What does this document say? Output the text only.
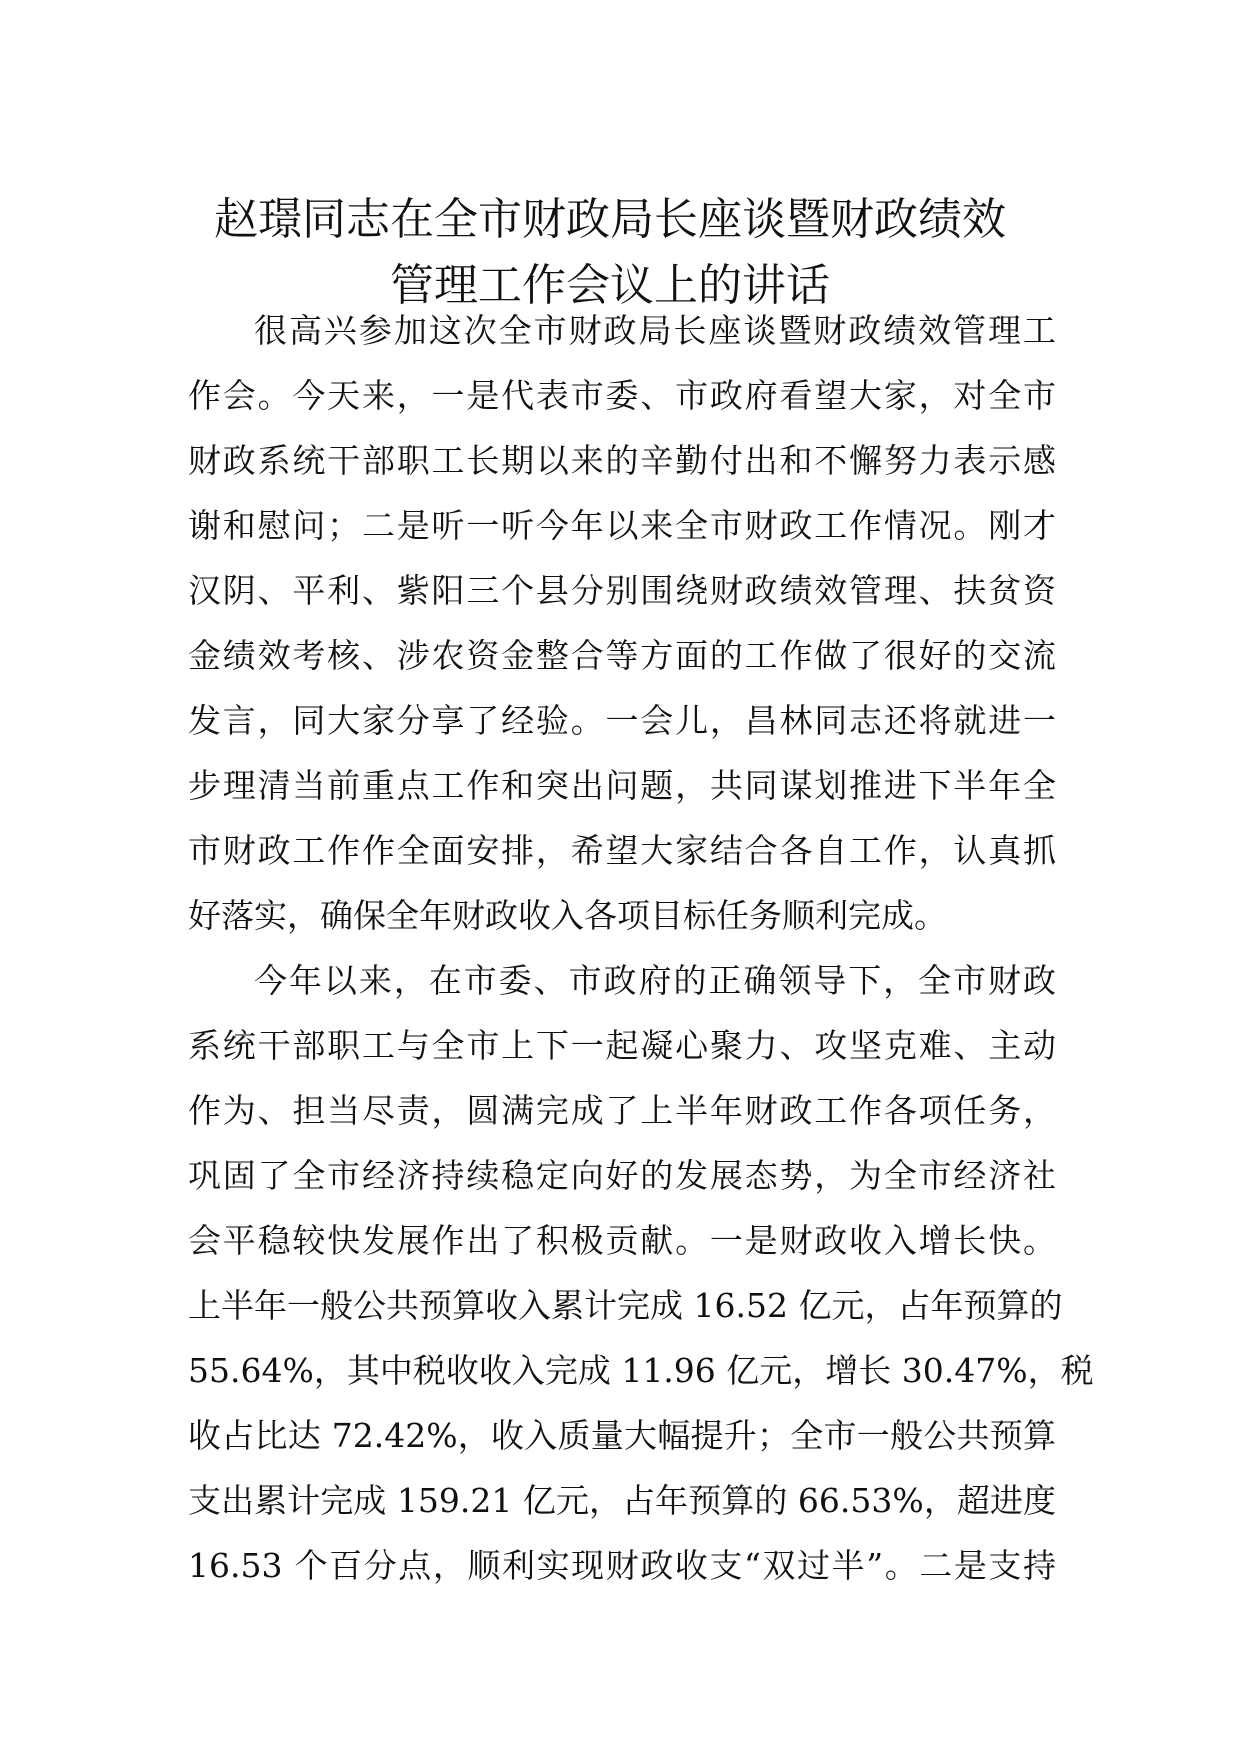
赵璟同志在全市财政局长座谈暨财政绩效
管理工作会议上的讲话
很高兴参加这次全市财政局长座谈暨财政绩效管理工
作会。今天来，一是代表市委、市政府看望大家，对全市
财政系统干部职工长期以来的辛勤付出和不懈努力表示感
谢和慰问；二是听一听今年以来全市财政工作情况。刚才
汉阴、平利、紫阳三个县分别围绕财政绩效管理、扶贫资
金绩效考核、涉农资金整合等方面的工作做了很好的交流
发言，同大家分享了经验。一会儿，昌林同志还将就进一
步理清当前重点工作和突出问题，共同谋划推进下半年全
市财政工作作全面安排，希望大家结合各自工作，认真抓
好落实，确保全年财政收入各项目标任务顺利完成。
今年以来，在市委、市政府的正确领导下，全市财政
系统干部职工与全市上下一起凝心聚力、攻坚克难、主动
作为、担当尽责，圆满完成了上半年财政工作各项任务，
巩固了全市经济持续稳定向好的发展态势，为全市经济社
会平稳较快发展作出了积极贡献。一是财政收入增长快。
上半年一般公共预算收入累计完成 16.52 亿元，占年预算的
55.64%，其中税收收入完成 11.96 亿元，增长 30.47%，税
收占比达 72.42%，收入质量大幅提升；全市一般公共预算
支出累计完成 159.21 亿元，占年预算的 66.53%，超进度
16.53 个百分点，顺利实现财政收支“双过半”。二是支持
